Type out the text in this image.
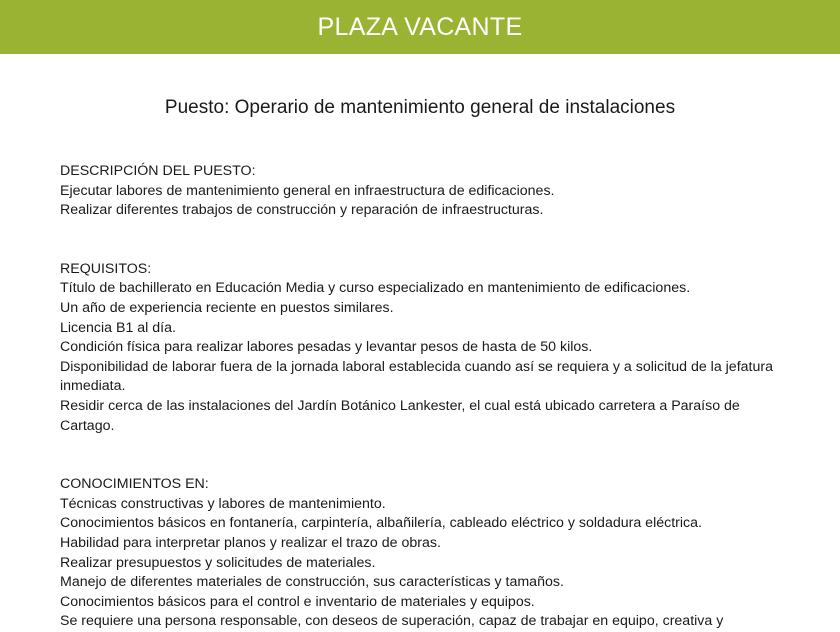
PLAZA VACANTE
Puesto: Operario de mantenimiento general de instalaciones
DESCRIPCIÓN DEL PUESTO:
Ejecutar labores de mantenimiento general en infraestructura de edificaciones.
Realizar diferentes trabajos de construcción y reparación de infraestructuras.
REQUISITOS:
Título de bachillerato en Educación Media y curso especializado en mantenimiento de edificaciones.
Un año de experiencia reciente en puestos similares.
Licencia B1 al día.
Condición física para realizar labores pesadas y levantar pesos de hasta de 50 kilos.
Disponibilidad de laborar fuera de la jornada laboral establecida cuando así se requiera y a solicitud de la jefatura inmediata.
Residir cerca de las instalaciones del Jardín Botánico Lankester, el cual está ubicado carretera a Paraíso de Cartago.
CONOCIMIENTOS EN:
Técnicas constructivas y labores de mantenimiento.
Conocimientos básicos en fontanería, carpintería, albañilería, cableado eléctrico y soldadura eléctrica.
Habilidad para interpretar planos y realizar el trazo de obras.
Realizar presupuestos y solicitudes de materiales.
Manejo de diferentes materiales de construcción, sus características y tamaños.
Conocimientos básicos para el control e inventario de materiales y equipos.
Se requiere una persona responsable, con deseos de superación, capaz de trabajar en equipo, creativa y
